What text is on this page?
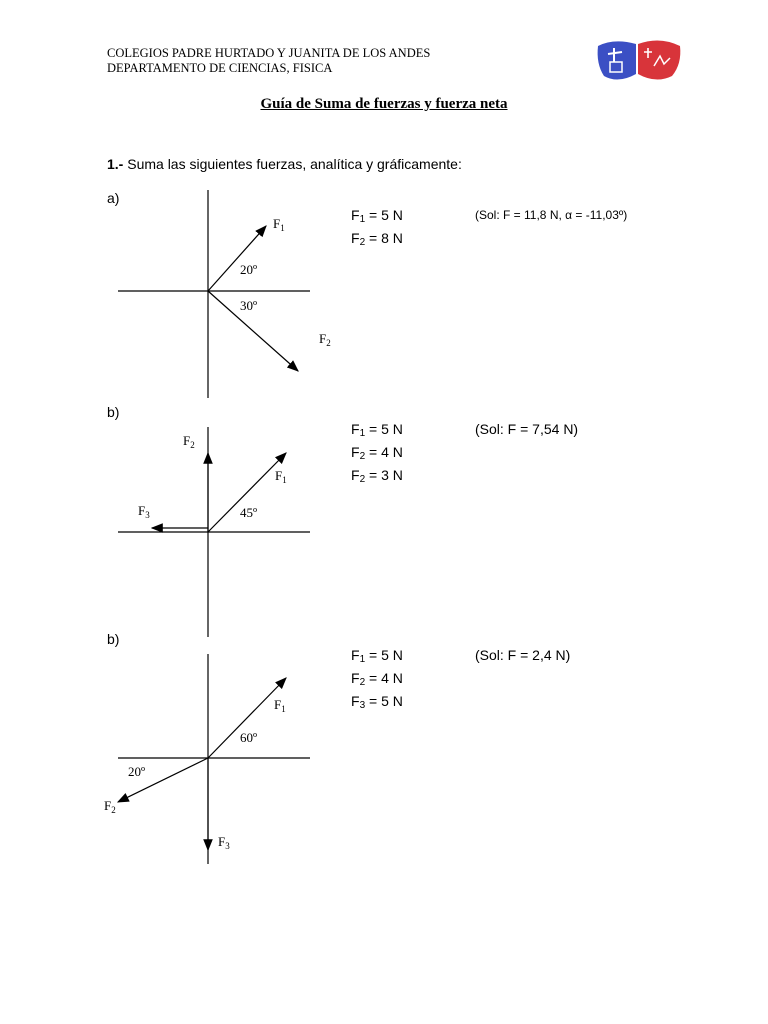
COLEGIOS PADRE HURTADO Y JUANITA DE LOS ANDES
DEPARTAMENTO DE CIENCIAS, FISICA
Guía de Suma de fuerzas y fuerza neta
1.- Suma las siguientes fuerzas, analítica y gráficamente:
a)
20º
30º
$F_1$
$F_2$
$F_1 = 5$ N
$F_2 = 8$ N
(Sol: F = 11,8 N, α = -11,03º)
b)
45º
$F_2$
$F_1$
$F_3$
$F_1 = 5$ N
$F_2 = 4$ N
$F_2 = 3$ N
(Sol: F = 7,54 N)
b)
60º
20º
$F_1$
$F_2$
$F_3$
$F_1 = 5$ N
$F_2 = 4$ N
$F_3 = 5$ N
(Sol: F = 2,4 N)
